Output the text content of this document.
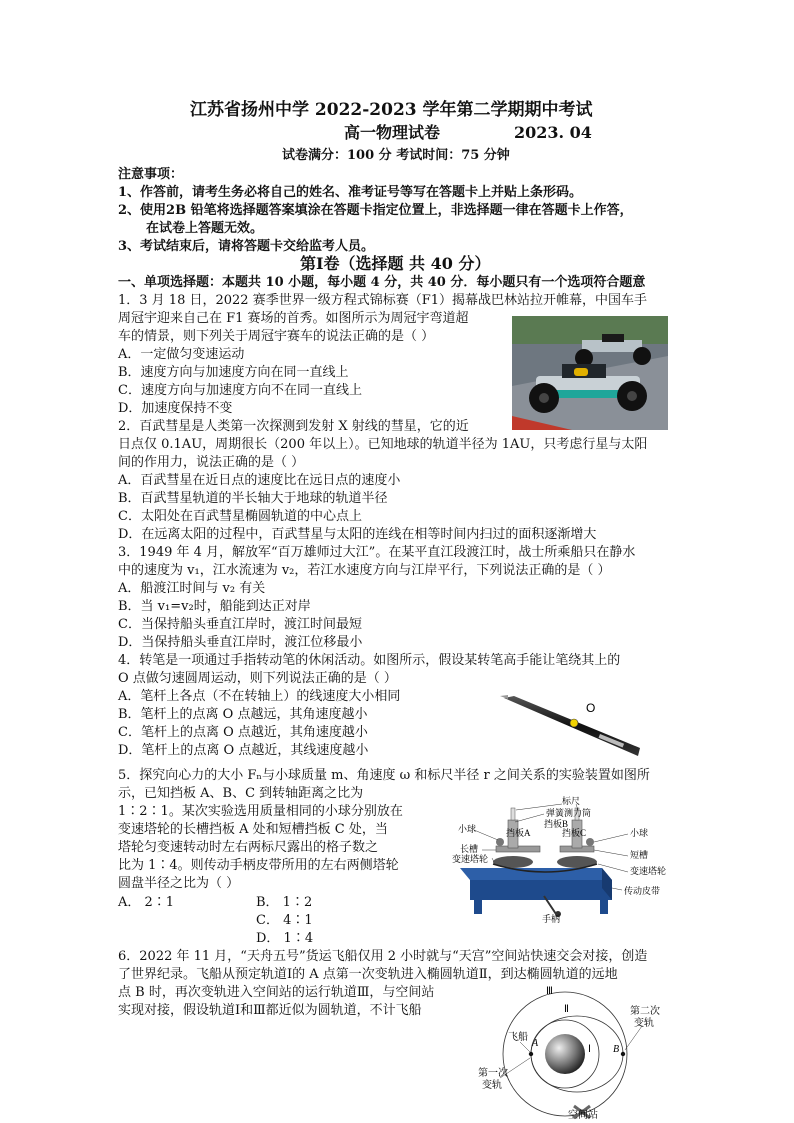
江苏省扬州中学 2022-2023 学年第二学期期中考试
高一物理试卷	2023. 04
试卷满分：100 分 考试时间：75 分钟
注意事项：
1、作答前，请考生务必将自己的姓名、准考证号等写在答题卡上并贴上条形码。
2、使用2B 铅笔将选择题答案填涂在答题卡指定位置上，非选择题一律在答题卡上作答，
在试卷上答题无效。
3、考试结束后，请将答题卡交给监考人员。
第Ⅰ卷（选择题 共 40 分）
一、单项选择题：本题共 10 小题，每小题 4 分，共 40 分．每小题只有一个选项符合题意
1．3 月 18 日，2022 赛季世界一级方程式锦标赛（F1）揭幕战巴林站拉开帷幕，中国车手
周冠宇迎来自己在 F1 赛场的首秀。如图所示为周冠宇弯道超
车的情景，则下列关于周冠宇赛车的说法正确的是（ ）
A．一定做匀变速运动
B．速度方向与加速度方向在同一直线上
C．速度方向与加速度方向不在同一直线上
D．加速度保持不变
2．百武彗星是人类第一次探测到发射 X 射线的彗星，它的近
日点仅 0.1AU，周期很长（200 年以上）。已知地球的轨道半径为 1AU，只考虑行星与太阳
间的作用力，说法正确的是（ ）
A．百武彗星在近日点的速度比在远日点的速度小
B．百武彗星轨道的半长轴大于地球的轨道半径
C．太阳处在百武彗星椭圆轨道的中心点上
D．在远离太阳的过程中，百武彗星与太阳的连线在相等时间内扫过的面积逐渐增大
3．1949 年 4 月，解放军“百万雄师过大江”。在某平直江段渡江时，战士所乘船只在静水
中的速度为 v₁，江水流速为 v₂，若江水速度方向与江岸平行，下列说法正确的是（ ）
A．船渡江时间与 v₂ 有关
B．当 v₁=v₂时，船能到达正对岸
C．当保持船头垂直江岸时，渡江时间最短
D．当保持船头垂直江岸时，渡江位移最小
4．转笔是一项通过手指转动笔的休闲活动。如图所示，假设某转笔高手能让笔绕其上的
O 点做匀速圆周运动，则下列说法正确的是（ ）
A．笔杆上各点（不在转轴上）的线速度大小相同
B．笔杆上的点离 O 点越远，其角速度越小
C．笔杆上的点离 O 点越近，其角速度越小
D．笔杆上的点离 O 点越近，其线速度越小
O
5．探究向心力的大小 Fₙ与小球质量 m、角速度 ω 和标尺半径 r 之间关系的实验装置如图所
示，已知挡板 A、B、C 到转轴距离之比为
1∶2∶1。某次实验选用质量相同的小球分别放在
变速塔轮的长槽挡板 A 处和短槽挡板 C 处，当
塔轮匀变速转动时左右两标尺露出的格子数之
比为 1∶4。则传动手柄皮带所用的左右两侧塔轮
圆盘半径之比为（ ）
A． 2∶1	B． 1∶2
C． 4∶1
D． 1∶4
标尺
弹簧测力筒
挡板B
小球	挡板A	挡板C	小球
长槽
短槽
变速塔轮
变速塔轮
传动皮带
手柄
6．2022 年 11 月，“天舟五号”货运飞船仅用 2 小时就与“天宫”空间站快速交会对接，创造
了世界纪录。飞船从预定轨道Ⅰ的 A 点第一次变轨进入椭圆轨道Ⅱ，到达椭圆轨道的远地
点 B 时，再次变轨进入空间站的运行轨道Ⅲ，与空间站
实现对接，假设轨道Ⅰ和Ⅲ都近似为圆轨道，不计飞船
Ⅲ
Ⅱ
Ⅰ
飞船
A
B
第二次
变轨
第一次
变轨
空间站
